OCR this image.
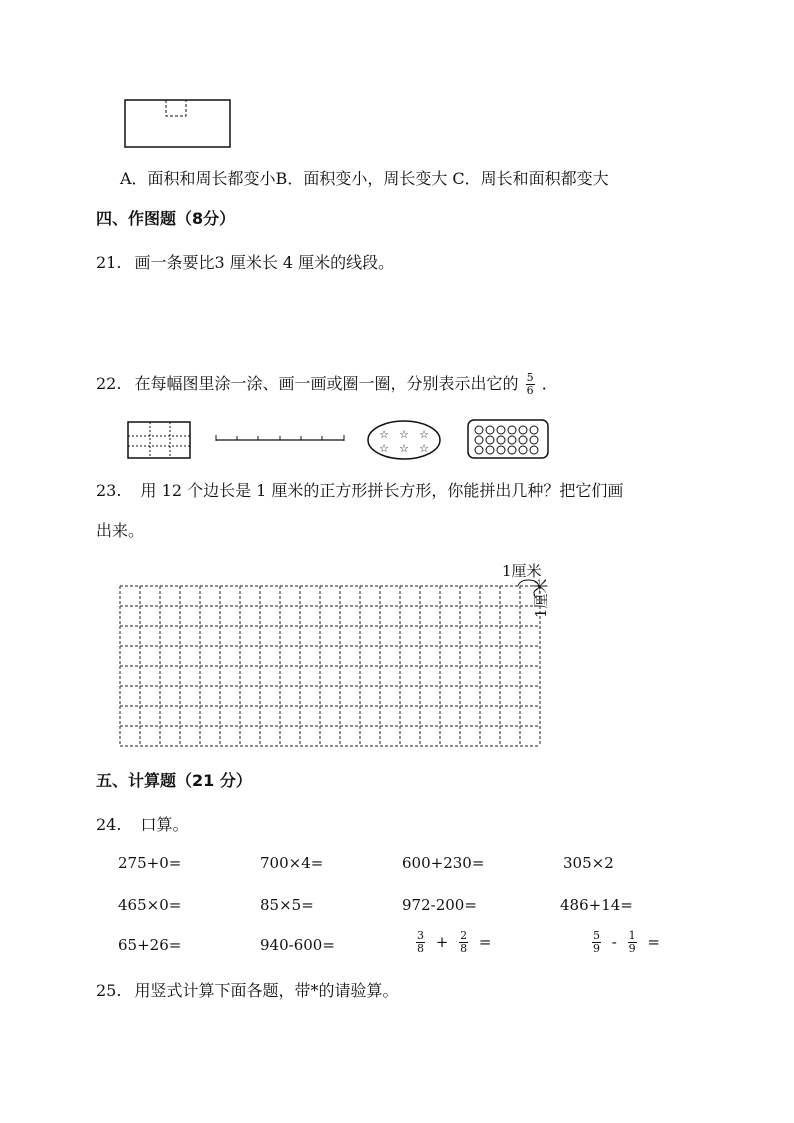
A．面积和周长都变小B．面积变小，周长变大 C．周长和面积都变大
四、作图题（8分）
21. 画一条要比3 厘米长 4 厘米的线段。
22. 在每幅图里涂一涂、画一画或圈一圈，分别表示出它的 $\frac{5}{6}$ ．
☆ ☆ ☆
☆ ☆ ☆
23. 用 12 个边长是 1 厘米的正方形拼长方形，你能拼出几种？把它们画
出来。
1厘米
1厘米
五、计算题（21 分）
24. 口算。
275+0=	700×4=	600+230=	305×2
465×0=	85×5=	972-200=	486+14=
65+26=	940-600=	$\frac{3}{8} + \frac{2}{8}$ =	$\frac{5}{9} - \frac{1}{9}$ =
25. 用竖式计算下面各题，带*的请验算。
